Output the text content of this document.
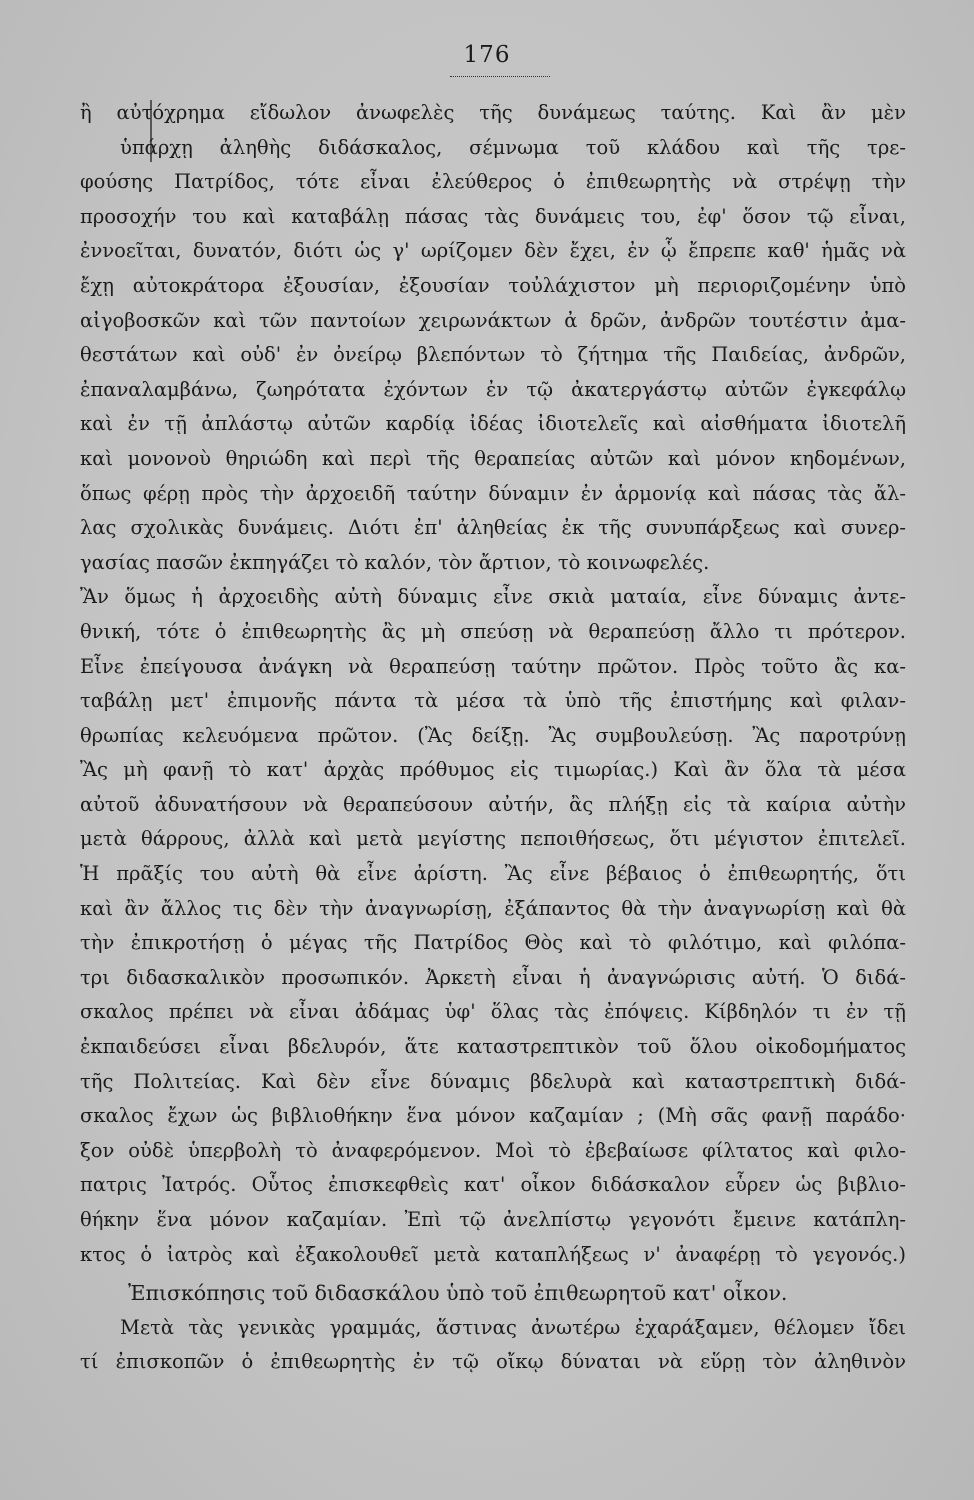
176
ἢ αὐτόχρημα εἴδωλον ἀνωφελὲς τῆς δυνάμεως ταύτης. Καὶ ἂν μὲν
ὑπάρχῃ ἀληθὴς διδάσκαλος, σέμνωμα τοῦ κλάδου καὶ τῆς τρε-
φούσης Πατρίδος, τότε εἶναι ἐλεύθερος ὁ ἐπιθεωρητὴς νὰ στρέψῃ τὴν
προσοχήν του καὶ καταβάλῃ πάσας τὰς δυνάμεις του, ἐφ' ὅσον τῷ εἶναι,
ἐννοεῖται, δυνατόν, διότι ὡς γ' ωρίζομεν δὲν ἔχει, ἐν ᾧ ἔπρεπε καθ' ἡμᾶς νὰ
ἔχῃ αὐτοκράτορα ἐξουσίαν, ἐξουσίαν τοὐλάχιστον μὴ περιοριζομένην ὑπὸ
αἰγοβοσκῶν καὶ τῶν παντοίων χειρωνάκτων ἀ δρῶν, ἀνδρῶν τουτέστιν ἀμα-
θεστάτων καὶ οὐδ' ἐν ὀνείρῳ βλεπόντων τὸ ζήτημα τῆς Παιδείας, ἀνδρῶν,
ἐπαναλαμβάνω, ζωηρότατα ἐχόντων ἐν τῷ ἀκατεργάστῳ αὐτῶν ἐγκεφάλῳ
καὶ ἐν τῇ ἀπλάστῳ αὐτῶν καρδίᾳ ἰδέας ἰδιοτελεῖς καὶ αἰσθήματα ἰδιοτελῆ
καὶ μονονοὺ θηριώδη καὶ περὶ τῆς θεραπείας αὐτῶν καὶ μόνον κηδομένων,
ὅπως φέρῃ πρὸς τὴν ἀρχοειδῆ ταύτην δύναμιν ἐν ἁρμονίᾳ καὶ πάσας τὰς ἄλ-
λας σχολικὰς δυνάμεις. Διότι ἐπ' ἀληθείας ἐκ τῆς συνυπάρξεως καὶ συνερ-
γασίας πασῶν ἐκπηγάζει τὸ καλόν, τὸν ἄρτιον, τὸ κοινωφελές.
Ἂν ὅμως ἡ ἀρχοειδὴς αὐτὴ δύναμις εἶνε σκιὰ ματαία, εἶνε δύναμις ἀντε-
θνική, τότε ὁ ἐπιθεωρητὴς ἂς μὴ σπεύσῃ νὰ θεραπεύσῃ ἄλλο τι πρότερον.
Εἶνε ἐπείγουσα ἀνάγκη νὰ θεραπεύσῃ ταύτην πρῶτον. Πρὸς τοῦτο ἂς κα-
ταβάλῃ μετ' ἐπιμονῆς πάντα τὰ μέσα τὰ ὑπὸ τῆς ἐπιστήμης καὶ φιλαν-
θρωπίας κελευόμενα πρῶτον. (Ἂς δείξῃ. Ἂς συμβουλεύσῃ. Ἂς παροτρύνῃ
Ἂς μὴ φανῇ τὸ κατ' ἀρχὰς πρόθυμος εἰς τιμωρίας.) Καὶ ἂν ὅλα τὰ μέσα
αὐτοῦ ἀδυνατήσουν νὰ θεραπεύσουν αὐτήν, ἂς πλήξῃ εἰς τὰ καίρια αὐτὴν
μετὰ θάρρους, ἀλλὰ καὶ μετὰ μεγίστης πεποιθήσεως, ὅτι μέγιστον ἐπιτελεῖ.
Ἡ πρᾶξίς του αὐτὴ θὰ εἶνε ἀρίστη. Ἂς εἶνε βέβαιος ὁ ἐπιθεωρητής, ὅτι
καὶ ἂν ἄλλος τις δὲν τὴν ἀναγνωρίσῃ, ἐξάπαντος θὰ τὴν ἀναγνωρίσῃ καὶ θὰ
τὴν ἐπικροτήσῃ ὁ μέγας τῆς Πατρίδος Θὸς καὶ τὸ φιλότιμο, καὶ φιλόπα-
τρι διδασκαλικὸν προσωπικόν. Ἀρκετὴ εἶναι ἡ ἀναγνώρισις αὐτή. Ὁ διδά-
σκαλος πρέπει νὰ εἶναι ἀδάμας ὑφ' ὅλας τὰς ἐπόψεις. Κίβδηλόν τι ἐν τῇ
ἐκπαιδεύσει εἶναι βδελυρόν, ἅτε καταστρεπτικὸν τοῦ ὅλου οἰκοδομήματος
τῆς Πολιτείας. Καὶ δὲν εἶνε δύναμις βδελυρὰ καὶ καταστρεπτικὴ διδά-
σκαλος ἔχων ὡς βιβλιοθήκην ἕνα μόνον καζαμίαν ; (Μὴ σᾶς φανῇ παράδο·
ξον οὐδὲ ὑπερβολὴ τὸ ἀναφερόμενον. Μοὶ τὸ ἐβεβαίωσε φίλτατος καὶ φιλο-
πατρις Ἰατρός. Οὗτος ἐπισκεφθεὶς κατ' οἶκον διδάσκαλον εὗρεν ὡς βιβλιο-
θήκην ἕνα μόνον καζαμίαν. Ἐπὶ τῷ ἀνελπίστῳ γεγονότι ἔμεινε κατάπλη-
κτος ὁ ἰατρὸς καὶ ἐξακολουθεῖ μετὰ καταπλήξεως ν' ἀναφέρῃ τὸ γεγονός.)
Ἐπισκόπησις τοῦ διδασκάλου ὑπὸ τοῦ ἐπιθεωρητοῦ κατ' οἶκον.
Μετὰ τὰς γενικὰς γραμμάς, ἅστινας ἀνωτέρω ἐχαράξαμεν, θέλομεν ἴδει
τί ἐπισκοπῶν ὁ ἐπιθεωρητὴς ἐν τῷ οἴκῳ δύναται νὰ εὕρῃ τὸν ἀληθινὸν
